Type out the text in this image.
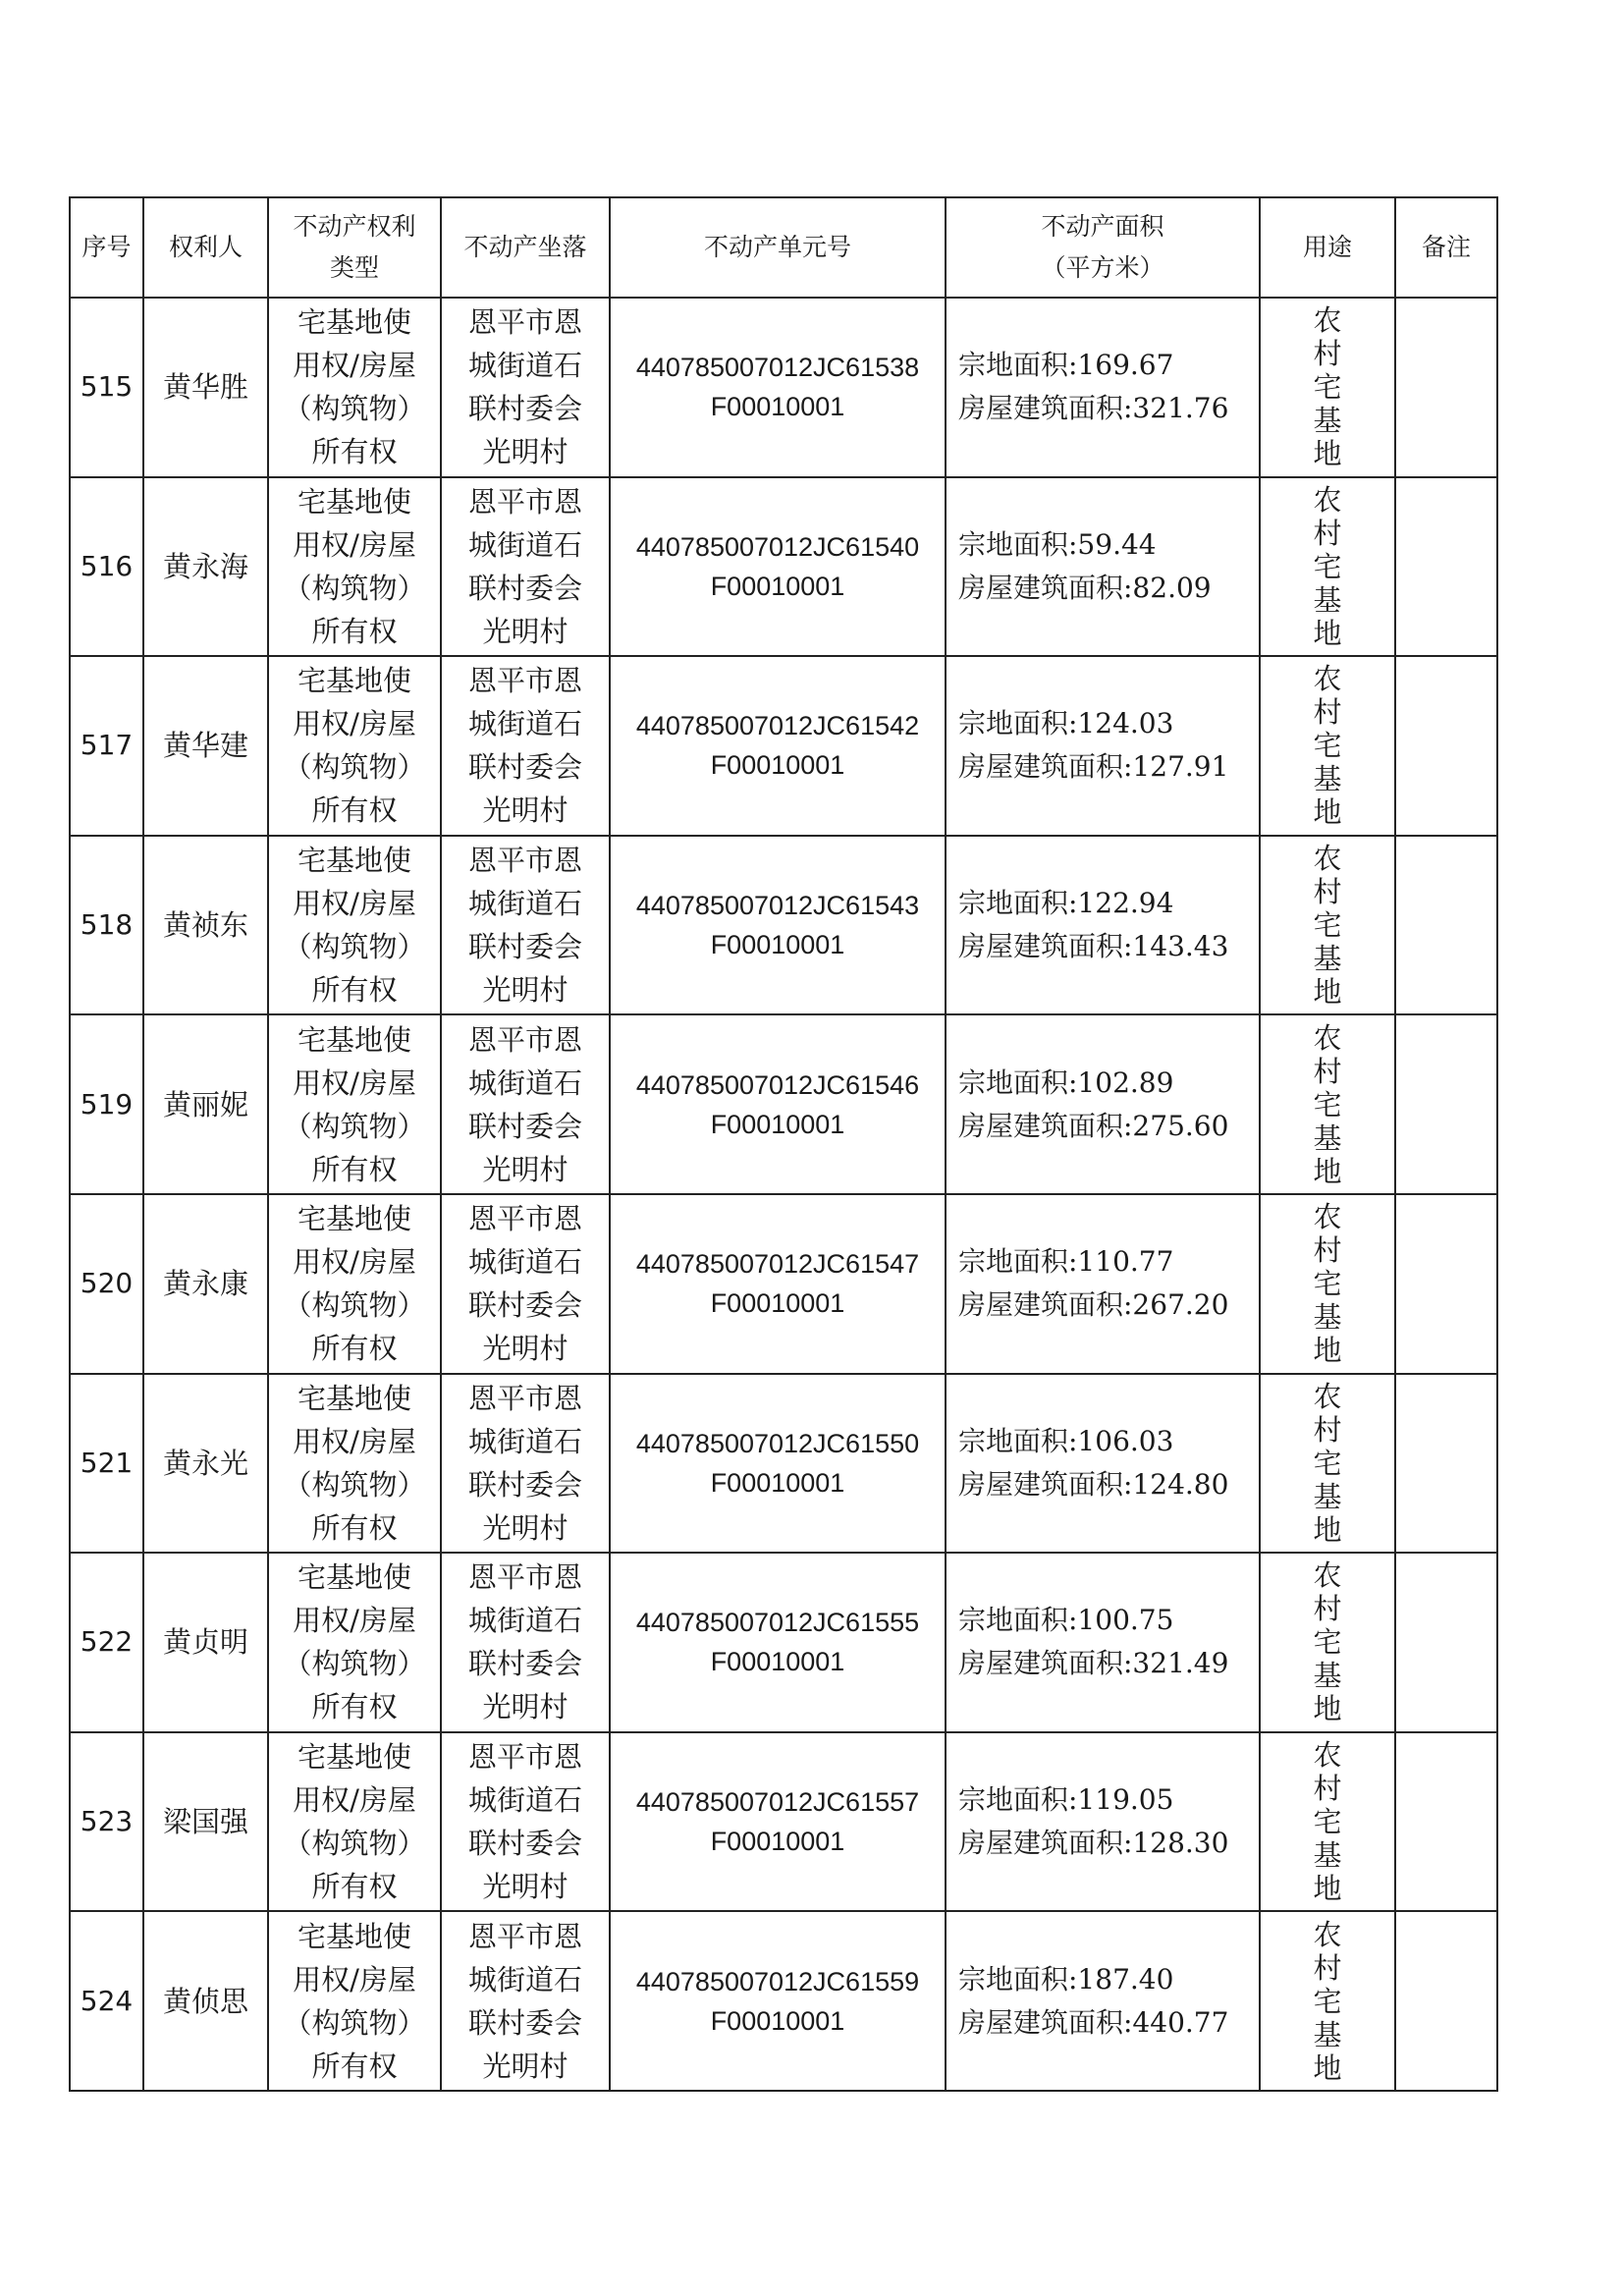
序号	权利人	不动产权利
类型	不动产坐落	不动产单元号	不动产面积
（平方米）	用途	备注
515	黄华胜	宅基地使
用权/房屋
（构筑物）
所有权	恩平市恩
城街道石
联村委会
光明村	440785007012JC61538
F00010001	宗地面积:169.67
房屋建筑面积:321.76	农
村
宅
基
地	

516	黄永海	宅基地使
用权/房屋
（构筑物）
所有权	恩平市恩
城街道石
联村委会
光明村	440785007012JC61540
F00010001	宗地面积:59.44
房屋建筑面积:82.09	农
村
宅
基
地	

517	黄华建	宅基地使
用权/房屋
（构筑物）
所有权	恩平市恩
城街道石
联村委会
光明村	440785007012JC61542
F00010001	宗地面积:124.03
房屋建筑面积:127.91	农
村
宅
基
地	

518	黄祯东	宅基地使
用权/房屋
（构筑物）
所有权	恩平市恩
城街道石
联村委会
光明村	440785007012JC61543
F00010001	宗地面积:122.94
房屋建筑面积:143.43	农
村
宅
基
地	

519	黄丽妮	宅基地使
用权/房屋
（构筑物）
所有权	恩平市恩
城街道石
联村委会
光明村	440785007012JC61546
F00010001	宗地面积:102.89
房屋建筑面积:275.60	农
村
宅
基
地	

520	黄永康	宅基地使
用权/房屋
（构筑物）
所有权	恩平市恩
城街道石
联村委会
光明村	440785007012JC61547
F00010001	宗地面积:110.77
房屋建筑面积:267.20	农
村
宅
基
地	

521	黄永光	宅基地使
用权/房屋
（构筑物）
所有权	恩平市恩
城街道石
联村委会
光明村	440785007012JC61550
F00010001	宗地面积:106.03
房屋建筑面积:124.80	农
村
宅
基
地	

522	黄贞明	宅基地使
用权/房屋
（构筑物）
所有权	恩平市恩
城街道石
联村委会
光明村	440785007012JC61555
F00010001	宗地面积:100.75
房屋建筑面积:321.49	农
村
宅
基
地	

523	梁国强	宅基地使
用权/房屋
（构筑物）
所有权	恩平市恩
城街道石
联村委会
光明村	440785007012JC61557
F00010001	宗地面积:119.05
房屋建筑面积:128.30	农
村
宅
基
地	

524	黄侦思	宅基地使
用权/房屋
（构筑物）
所有权	恩平市恩
城街道石
联村委会
光明村	440785007012JC61559
F00010001	宗地面积:187.40
房屋建筑面积:440.77	农
村
宅
基
地	
